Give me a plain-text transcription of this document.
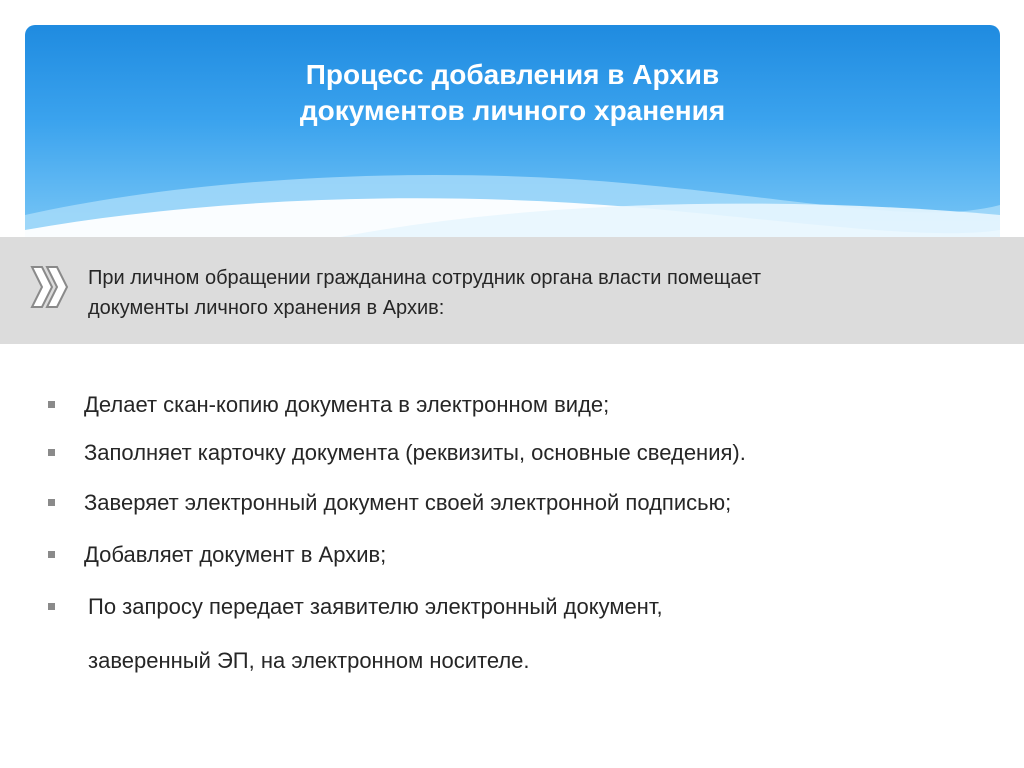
Процесс добавления в Архив
документов личного хранения
При личном обращении гражданина сотрудник органа власти помещает
документы личного хранения в Архив:
Делает скан-копию документа в электронном виде;
Заполняет карточку документа (реквизиты, основные сведения).
Заверяет электронный документ своей электронной подписью;
Добавляет документ в Архив;
По запросу передает заявителю электронный документ,
заверенный ЭП, на электронном носителе.
